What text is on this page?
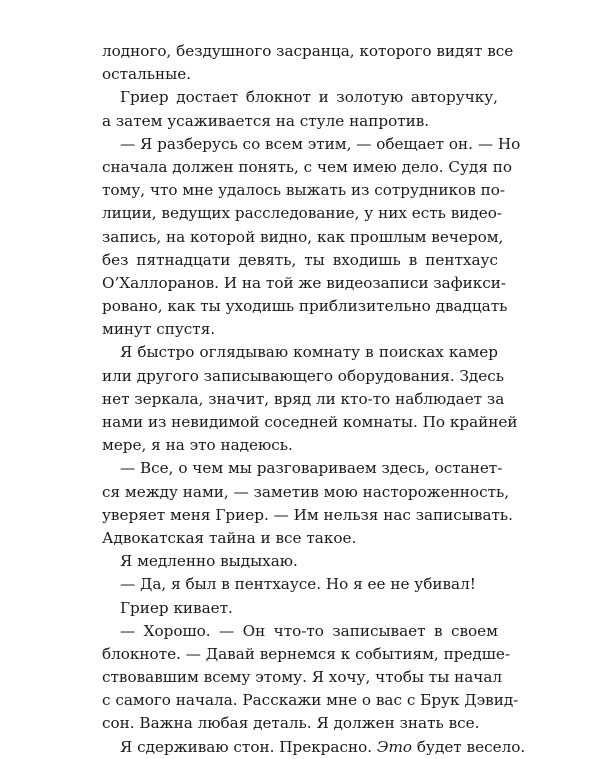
лодного, бездушного засранца, которого видят все
остальные.
Гриер достает блокнот и золотую авторучку,
а затем усаживается на стуле напротив.
— Я разберусь со всем этим, — обещает он. — Но
сначала должен понять, с чем имею дело. Судя по
тому, что мне удалось выжать из сотрудников по-
лиции, ведущих расследование, у них есть видео-
запись, на которой видно, как прошлым вечером,
без пятнадцати девять, ты входишь в пентхаус
О’Халлоранов. И на той же видеозаписи зафикси-
ровано, как ты уходишь приблизительно двадцать
минут спустя.
Я быстро оглядываю комнату в поисках камер
или другого записывающего оборудования. Здесь
нет зеркала, значит, вряд ли кто-то наблюдает за
нами из невидимой соседней комнаты. По крайней
мере, я на это надеюсь.
— Все, о чем мы разговариваем здесь, останет-
ся между нами, — заметив мою настороженность,
уверяет меня Гриер. — Им нельзя нас записывать.
Адвокатская тайна и все такое.
Я медленно выдыхаю.
— Да, я был в пентхаусе. Но я ее не убивал!
Гриер кивает.
— Хорошо. — Он что-то записывает в своем
блокноте. — Давай вернемся к событиям, предше-
ствовавшим всему этому. Я хочу, чтобы ты начал
с самого начала. Расскажи мне о вас с Брук Дэвид-
сон. Важна любая деталь. Я должен знать все.
Я сдерживаю стон. Прекрасно. Это будет весело.
